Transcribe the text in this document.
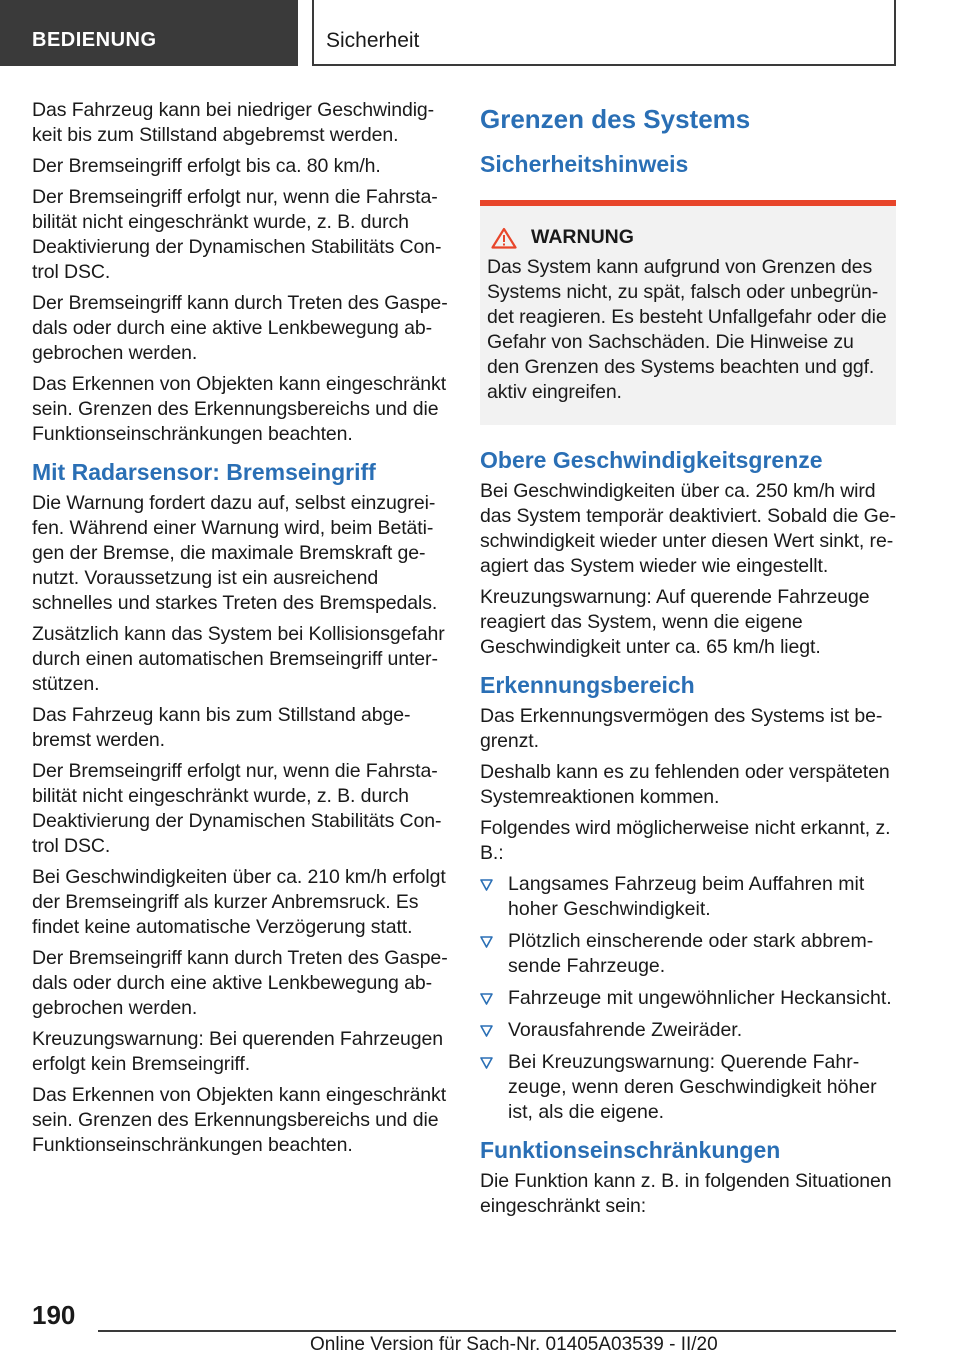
BEDIENUNG	Sicherheit

Das Fahrzeug kann bei niedriger Geschwindigkeit bis zum Stillstand abgebremst werden.

Der Bremseingriff erfolgt bis ca. 80 km/h.

Der Bremseingriff erfolgt nur, wenn die Fahrstabilität nicht eingeschränkt wurde, z. B. durch Deaktivierung der Dynamischen Stabilitäts Control DSC.

Der Bremseingriff kann durch Treten des Gaspedals oder durch eine aktive Lenkbewegung abgebrochen werden.

Das Erkennen von Objekten kann eingeschränkt sein. Grenzen des Erkennungsbereichs und die Funktionseinschränkungen beachten.

Mit Radarsensor: Bremseingriff

Die Warnung fordert dazu auf, selbst einzugreifen. Während einer Warnung wird, beim Betätigen der Bremse, die maximale Bremskraft genutzt. Voraussetzung ist ein ausreichend schnelles und starkes Treten des Bremspedals.

Zusätzlich kann das System bei Kollisionsgefahr durch einen automatischen Bremseingriff unterstützen.

Das Fahrzeug kann bis zum Stillstand abgebremst werden.

Der Bremseingriff erfolgt nur, wenn die Fahrstabilität nicht eingeschränkt wurde, z. B. durch Deaktivierung der Dynamischen Stabilitäts Control DSC.

Bei Geschwindigkeiten über ca. 210 km/h erfolgt der Bremseingriff als kurzer Anbremsruck. Es findet keine automatische Verzögerung statt.

Der Bremseingriff kann durch Treten des Gaspedals oder durch eine aktive Lenkbewegung abgebrochen werden.

Kreuzungswarnung: Bei querenden Fahrzeugen erfolgt kein Bremseingriff.

Das Erkennen von Objekten kann eingeschränkt sein. Grenzen des Erkennungsbereichs und die Funktionseinschränkungen beachten.

Grenzen des Systems
Sicherheitshinweis
WARNUNG

Das System kann aufgrund von Grenzen des Systems nicht, zu spät, falsch oder unbegründet reagieren. Es besteht Unfallgefahr oder die Gefahr von Sachschäden. Die Hinweise zu den Grenzen des Systems beachten und ggf. aktiv eingreifen.

Obere Geschwindigkeitsgrenze

Bei Geschwindigkeiten über ca. 250 km/h wird das System temporär deaktiviert. Sobald die Geschwindigkeit wieder unter diesen Wert sinkt, reagiert das System wieder wie eingestellt.

Kreuzungswarnung: Auf querende Fahrzeuge reagiert das System, wenn die eigene Geschwindigkeit unter ca. 65 km/h liegt.

Erkennungsbereich

Das Erkennungsvermögen des Systems ist begrenzt.

Deshalb kann es zu fehlenden oder verspäteten Systemreaktionen kommen.

Folgendes wird möglicherweise nicht erkannt, z. B.:

Langsames Fahrzeug beim Auffahren mit hoher Geschwindigkeit.
Plötzlich einscherende oder stark abbremsende Fahrzeuge.
Fahrzeuge mit ungewöhnlicher Heckansicht.
Vorausfahrende Zweiräder.
Bei Kreuzungswarnung: Querende Fahrzeuge, wenn deren Geschwindigkeit höher ist, als die eigene.
Funktionseinschränkungen

Die Funktion kann z. B. in folgenden Situationen eingeschränkt sein:

190
Online Version für Sach-Nr. 01405A03539 - II/20
